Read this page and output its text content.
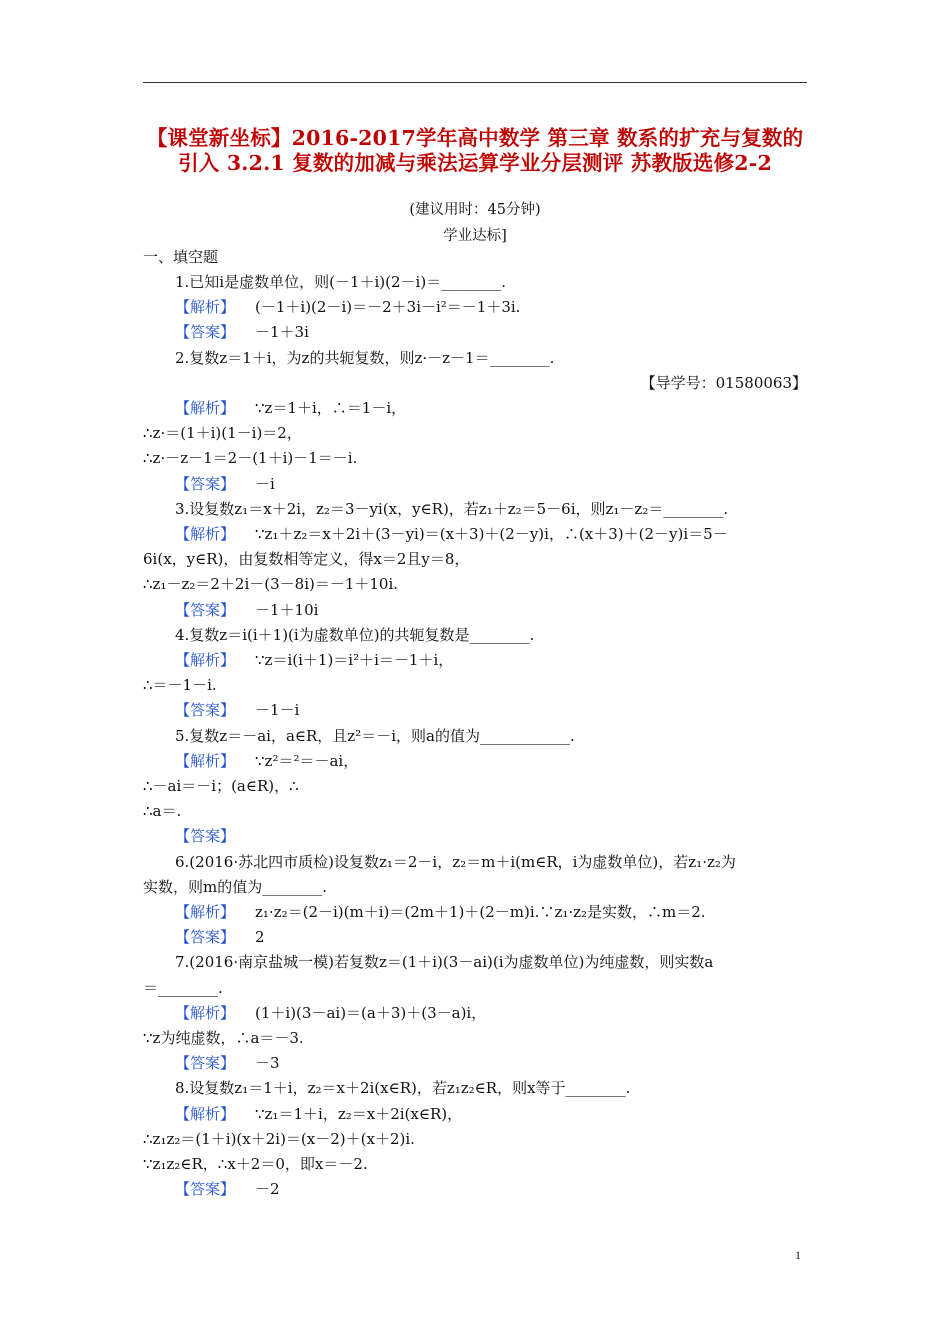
【课堂新坐标】2016-2017学年高中数学 第三章 数系的扩充与复数的引入 3.2.1 复数的加减与乘法运算学业分层测评 苏教版选修2-2
(建议用时：45分钟)
学业达标]
一、填空题
1.已知i是虚数单位，则(－1＋i)(2－i)＝________.
【解析】 (－1＋i)(2－i)＝－2＋3i－i²＝－1＋3i.
【答案】 －1＋3i
2.复数z＝1＋i，为z的共轭复数，则z·－z－1＝________.
【导学号：01580063】
【解析】 ∵z＝1＋i，∴＝1－i，
∴z·＝(1＋i)(1－i)＝2，
∴z·－z－1＝2－(1＋i)－1＝－i.
【答案】 －i
3.设复数z₁＝x＋2i，z₂＝3－yi(x，y∈R)，若z₁＋z₂＝5－6i，则z₁－z₂＝________.
【解析】 ∵z₁＋z₂＝x＋2i＋(3－yi)＝(x＋3)＋(2－y)i，∴(x＋3)＋(2－y)i＝5－
6i(x，y∈R)，由复数相等定义，得x＝2且y＝8，
∴z₁－z₂＝2＋2i－(3－8i)＝－1＋10i.
【答案】 －1＋10i
4.复数z＝i(i＋1)(i为虚数单位)的共轭复数是________.
【解析】 ∵z＝i(i＋1)＝i²＋i＝－1＋i，
∴＝－1－i.
【答案】 －1－i
5.复数z＝－ai，a∈R，且z²＝－i，则a的值为____________.
【解析】 ∵z²＝²＝－ai，
∴－ai＝－i；(a∈R)，∴
∴a＝.
【答案】
6.(2016·苏北四市质检)设复数z₁＝2－i，z₂＝m＋i(m∈R，i为虚数单位)，若z₁·z₂为
实数，则m的值为________.
【解析】 z₁·z₂＝(2－i)(m＋i)＝(2m＋1)＋(2－m)i.∵z₁·z₂是实数，∴m＝2.
【答案】 2
7.(2016·南京盐城一模)若复数z＝(1＋i)(3－ai)(i为虚数单位)为纯虚数，则实数a
＝________.
【解析】 (1＋i)(3－ai)＝(a＋3)＋(3－a)i，
∵z为纯虚数，∴a＝－3.
【答案】 －3
8.设复数z₁＝1＋i，z₂＝x＋2i(x∈R)，若z₁z₂∈R，则x等于________.
【解析】 ∵z₁＝1＋i，z₂＝x＋2i(x∈R)，
∴z₁z₂＝(1＋i)(x＋2i)＝(x－2)＋(x＋2)i.
∵z₁z₂∈R，∴x＋2＝0，即x＝－2.
【答案】 －2
1
